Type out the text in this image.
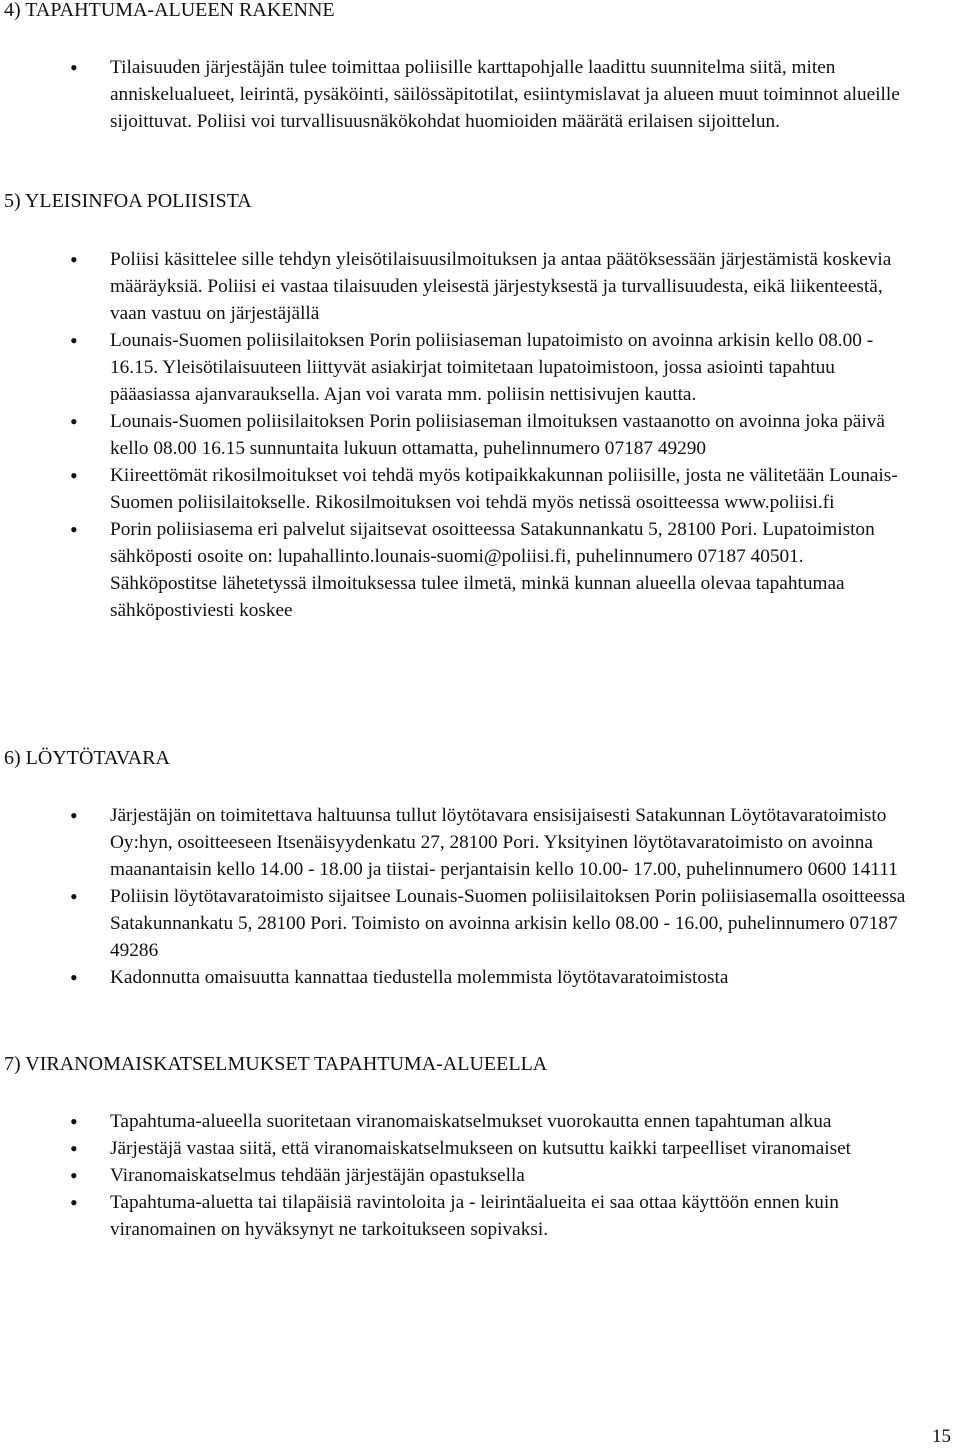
4) TAPAHTUMA-ALUEEN RAKENNE
• Tilaisuuden järjestäjän tulee toimittaa poliisille karttapohjalle laadittu suunnitelma siitä, miten anniskelualueet, leirintä, pysäköinti, säilössäpitotilat, esiintymislavat ja alueen muut toiminnot alueille sijoittuvat. Poliisi voi turvallisuusnäkökohdat huomioiden määrätä erilaisen sijoittelun.
5) YLEISINFOA POLIISISTA
• Poliisi käsittelee sille tehdyn yleisötilaisuusilmoituksen ja antaa päätöksessään järjestämistä koskevia määräyksiä. Poliisi ei vastaa tilaisuuden yleisestä järjestyksestä ja turvallisuudesta, eikä liikenteestä, vaan vastuu on järjestäjällä
• Lounais-Suomen poliisilaitoksen Porin poliisiaseman lupatoimisto on avoinna arkisin kello 08.00 - 16.15. Yleisötilaisuuteen liittyvät asiakirjat toimitetaan lupatoimistoon, jossa asiointi tapahtuu pääasiassa ajanvarauksella. Ajan voi varata mm. poliisin nettisivujen kautta.
• Lounais-Suomen poliisilaitoksen Porin poliisiaseman ilmoituksen vastaanotto on avoinna joka päivä kello 08.00 16.15 sunnuntaita lukuun ottamatta, puhelinnumero 07187 49290
• Kiireettömät rikosilmoitukset voi tehdä myös kotipaikkakunnan poliisille, josta ne välitetään Lounais-Suomen poliisilaitokselle. Rikosilmoituksen voi tehdä myös netissä osoitteessa www.poliisi.fi
• Porin poliisiasema eri palvelut sijaitsevat osoitteessa Satakunnankatu 5, 28100 Pori. Lupatoimiston sähköposti osoite on: lupahallinto.lounais-suomi@poliisi.fi, puhelinnumero 07187 40501. Sähköpostitse lähetetyssä ilmoituksessa tulee ilmetä, minkä kunnan alueella olevaa tapahtumaa sähköpostiviesti koskee
6) LÖYTÖTAVARA
• Järjestäjän on toimitettava haltuunsa tullut löytötavara ensisijaisesti Satakunnan Löytötavaratoimisto Oy:hyn, osoitteeseen Itsenäisyydenkatu 27, 28100 Pori. Yksityinen löytötavaratoimisto on avoinna maanantaisin kello 14.00 - 18.00 ja tiistai- perjantaisin kello 10.00- 17.00, puhelinnumero 0600 14111
• Poliisin löytötavaratoimisto sijaitsee Lounais-Suomen poliisilaitoksen Porin poliisiasemalla osoitteessa Satakunnankatu 5, 28100 Pori. Toimisto on avoinna arkisin kello 08.00 - 16.00, puhelinnumero 07187 49286
• Kadonnutta omaisuutta kannattaa tiedustella molemmista löytötavaratoimistosta
7) VIRANOMAISKATSELMUKSET TAPAHTUMA-ALUEELLA
• Tapahtuma-alueella suoritetaan viranomaiskatselmukset vuorokautta ennen tapahtuman alkua
• Järjestäjä vastaa siitä, että viranomaiskatselmukseen on kutsuttu kaikki tarpeelliset viranomaiset
• Viranomaiskatselmus tehdään järjestäjän opastuksella
• Tapahtuma-aluetta tai tilapäisiä ravintoloita ja - leirintäalueita ei saa ottaa käyttöön ennen kuin viranomainen on hyväksynyt ne tarkoitukseen sopivaksi.
15
